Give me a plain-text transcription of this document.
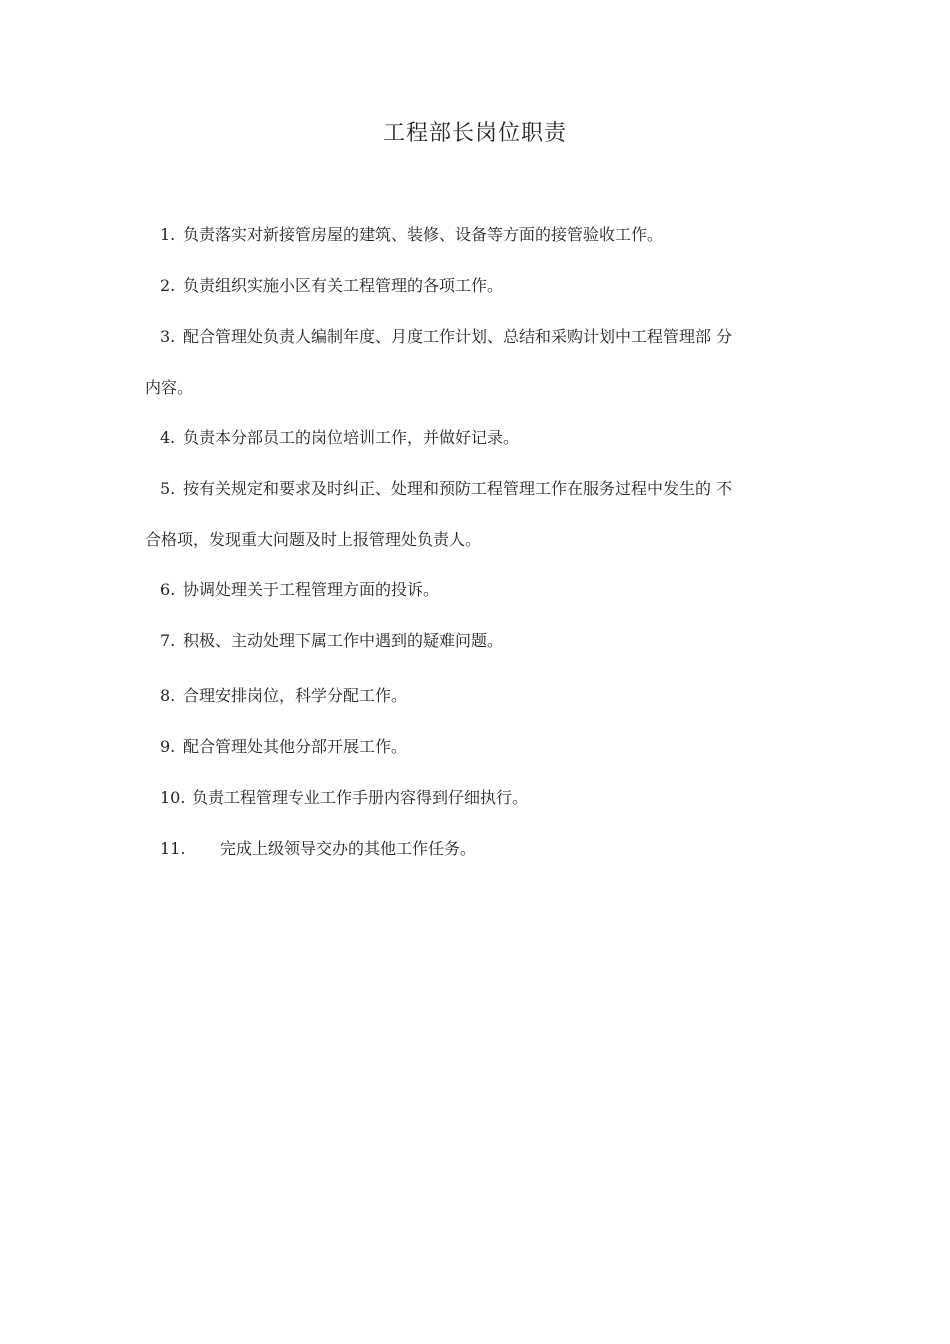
工程部长岗位职责
1. 负责落实对新接管房屋的建筑、装修、设备等方面的接管验收工作。
2. 负责组织实施小区有关工程管理的各项工作。
3. 配合管理处负责人编制年度、月度工作计划、总结和采购计划中工程管理部 分
内容。
4. 负责本分部员工的岗位培训工作，并做好记录。
5. 按有关规定和要求及时纠正、处理和预防工程管理工作在服务过程中发生的 不
合格项，发现重大问题及时上报管理处负责人。
6. 协调处理关于工程管理方面的投诉。
7. 积极、主动处理下属工作中遇到的疑难问题。
8. 合理安排岗位，科学分配工作。
9. 配合管理处其他分部开展工作。
10. 负责工程管理专业工作手册内容得到仔细执行。
11. 完成上级领导交办的其他工作任务。
